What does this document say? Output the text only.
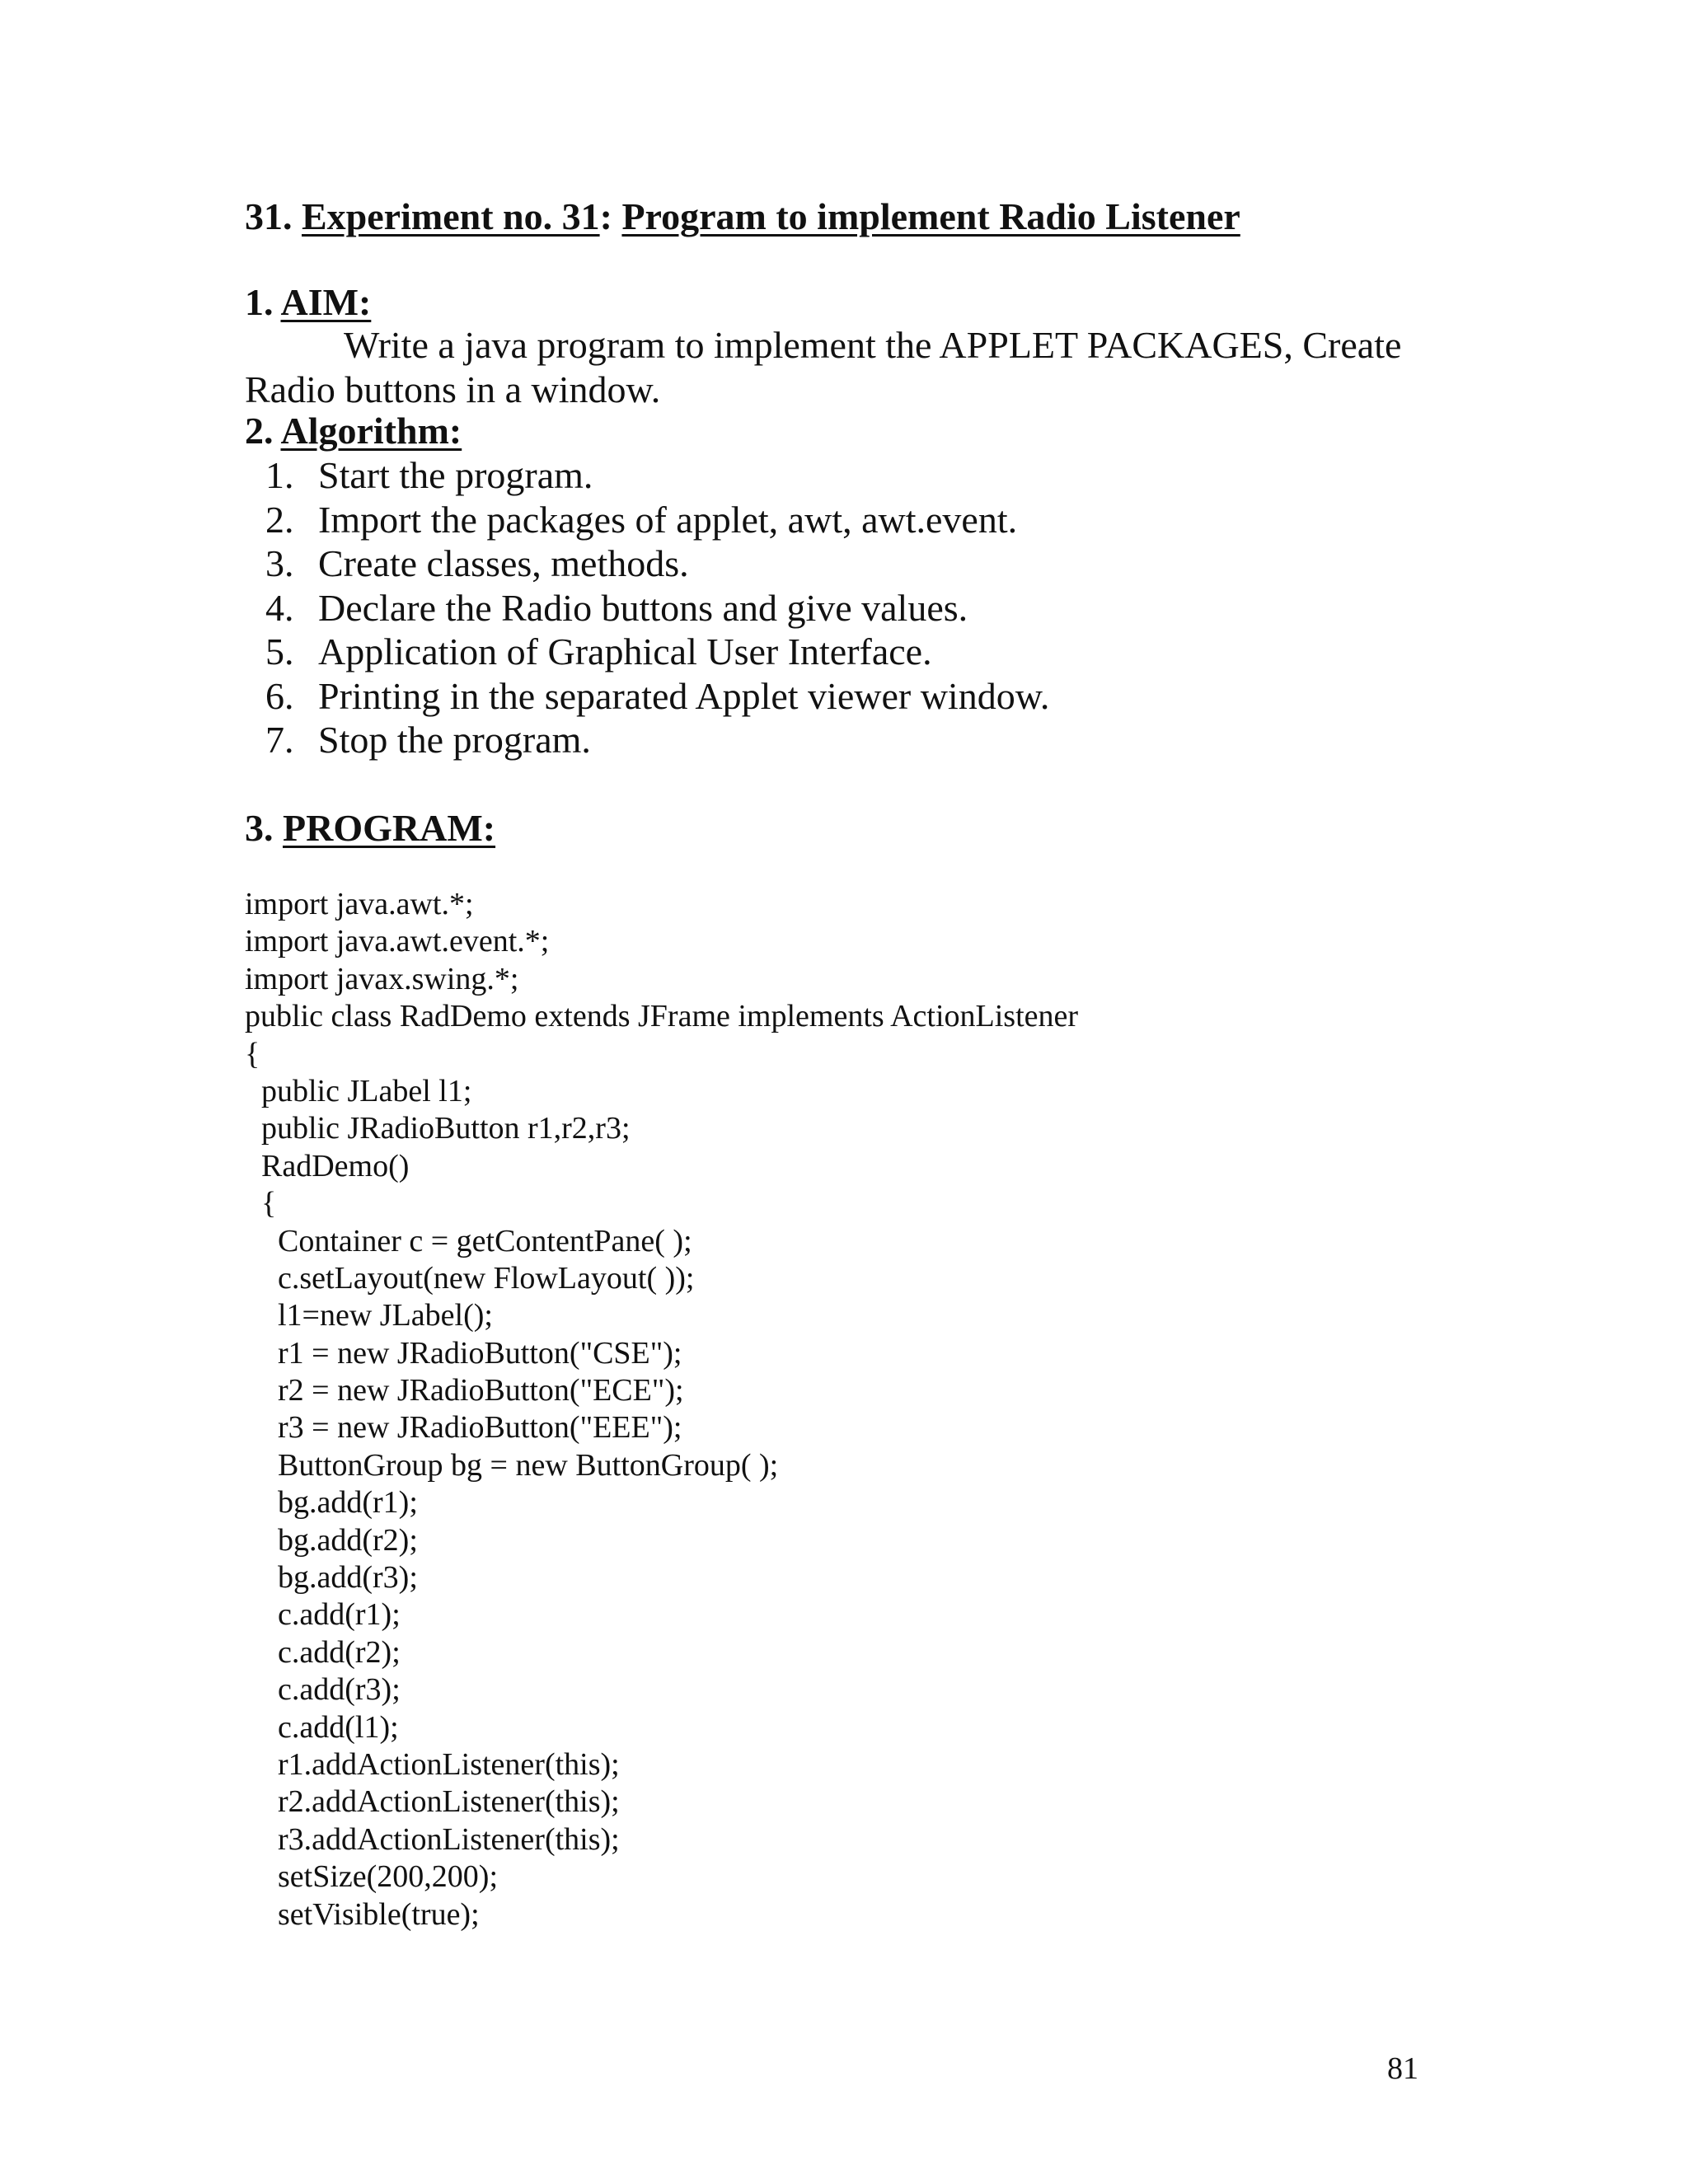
31. Experiment no. 31: Program to implement Radio Listener
1. AIM:
Write a java program to implement the APPLET PACKAGES, Create Radio buttons in a window.
2. Algorithm:
1. Start the program.
2. Import the packages of applet, awt, awt.event.
3. Create classes, methods.
4. Declare the Radio buttons and give values.
5. Application of Graphical User Interface.
6. Printing in the separated Applet viewer window.
7. Stop the program.
3. PROGRAM:
import java.awt.*;
import java.awt.event.*;
import javax.swing.*;
public class RadDemo extends JFrame implements ActionListener
{
public JLabel l1;
public JRadioButton r1,r2,r3;
RadDemo()
{
Container c = getContentPane( );
c.setLayout(new FlowLayout( ));
l1=new JLabel();
r1 = new JRadioButton("CSE");
r2 = new JRadioButton("ECE");
r3 = new JRadioButton("EEE");
ButtonGroup bg = new ButtonGroup( );
bg.add(r1);
bg.add(r2);
bg.add(r3);
c.add(r1);
c.add(r2);
c.add(r3);
c.add(l1);
r1.addActionListener(this);
r2.addActionListener(this);
r3.addActionListener(this);
setSize(200,200);
setVisible(true);
81
